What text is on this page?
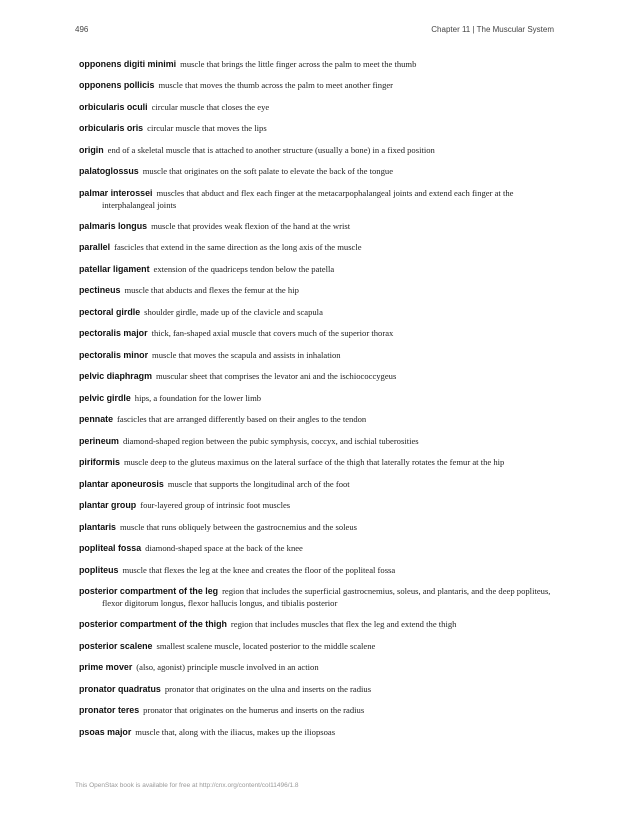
496	Chapter 11 | The Muscular System
opponens digiti minimi muscle that brings the little finger across the palm to meet the thumb
opponens pollicis muscle that moves the thumb across the palm to meet another finger
orbicularis oculi circular muscle that closes the eye
orbicularis oris circular muscle that moves the lips
origin end of a skeletal muscle that is attached to another structure (usually a bone) in a fixed position
palatoglossus muscle that originates on the soft palate to elevate the back of the tongue
palmar interossei muscles that abduct and flex each finger at the metacarpophalangeal joints and extend each finger at the interphalangeal joints
palmaris longus muscle that provides weak flexion of the hand at the wrist
parallel fascicles that extend in the same direction as the long axis of the muscle
patellar ligament extension of the quadriceps tendon below the patella
pectineus muscle that abducts and flexes the femur at the hip
pectoral girdle shoulder girdle, made up of the clavicle and scapula
pectoralis major thick, fan-shaped axial muscle that covers much of the superior thorax
pectoralis minor muscle that moves the scapula and assists in inhalation
pelvic diaphragm muscular sheet that comprises the levator ani and the ischiococcygeus
pelvic girdle hips, a foundation for the lower limb
pennate fascicles that are arranged differently based on their angles to the tendon
perineum diamond-shaped region between the pubic symphysis, coccyx, and ischial tuberosities
piriformis muscle deep to the gluteus maximus on the lateral surface of the thigh that laterally rotates the femur at the hip
plantar aponeurosis muscle that supports the longitudinal arch of the foot
plantar group four-layered group of intrinsic foot muscles
plantaris muscle that runs obliquely between the gastrocnemius and the soleus
popliteal fossa diamond-shaped space at the back of the knee
popliteus muscle that flexes the leg at the knee and creates the floor of the popliteal fossa
posterior compartment of the leg region that includes the superficial gastrocnemius, soleus, and plantaris, and the deep popliteus, flexor digitorum longus, flexor hallucis longus, and tibialis posterior
posterior compartment of the thigh region that includes muscles that flex the leg and extend the thigh
posterior scalene smallest scalene muscle, located posterior to the middle scalene
prime mover (also, agonist) principle muscle involved in an action
pronator quadratus pronator that originates on the ulna and inserts on the radius
pronator teres pronator that originates on the humerus and inserts on the radius
psoas major muscle that, along with the iliacus, makes up the iliopsoas
This OpenStax book is available for free at http://cnx.org/content/col11496/1.8
